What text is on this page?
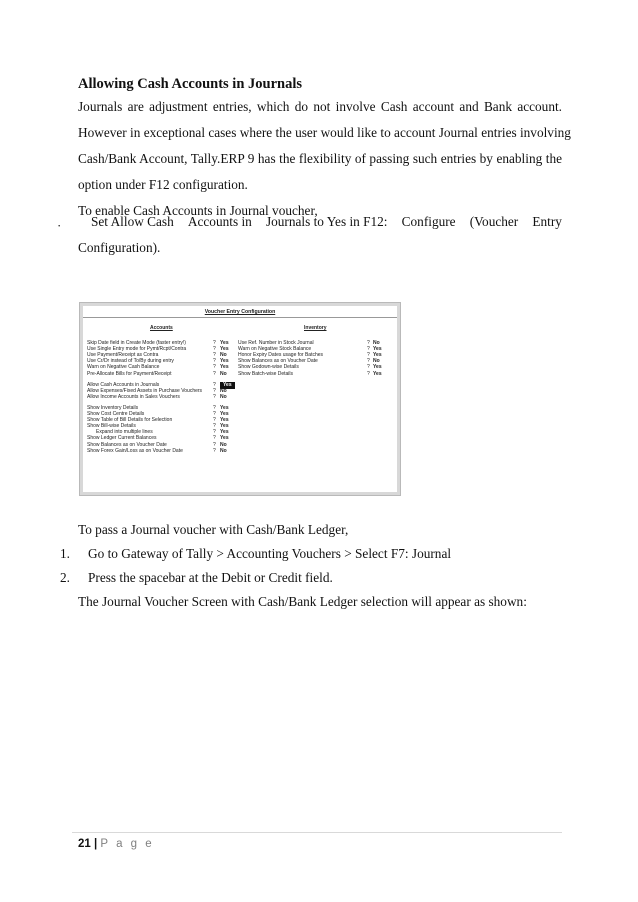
Allowing Cash Accounts in Journals
Journals are adjustment entries, which do not involve Cash account and Bank account.
However in exceptional cases where the user would like to account Journal entries involving
Cash/Bank Account, Tally.ERP 9 has the flexibility of passing such entries by enabling the
option under F12 configuration.
To enable Cash Accounts in Journal voucher,
· Set Allow Cash Accounts in Journals to Yes in F12: Configure (Voucher Entry
Configuration).
Voucher Entry Configuration
Accounts	Inventory
Skip Date field in Create Mode (faster entry!)	? Yes
Use Single Entry mode for Pymt/Rcpt/Contra	? Yes
Use Payment/Receipt as Contra	? No
Use Cr/Dr instead of To/By during entry	? Yes
Warn on Negative Cash Balance	? Yes
Pre-Allocate Bills for Payment/Receipt	? No
Allow Cash Accounts in Journals	?	Yes
Allow Expenses/Fixed Assets in Purchase Vouchers ? No
Allow Income Accounts in Sales Vouchers	? No
Show Inventory Details	? Yes
Show Cost Centre Details	? Yes
Show Table of Bill Details for Selection	? Yes
Show Bill-wise Details	? Yes
Expand into multiple lines	? Yes
Show Ledger Current Balances	? Yes
Show Balances as on Voucher Date	? No
Show Forex Gain/Loss as on Voucher Date	? No
Use Ref. Number in Stock Journal	? No
Warn on Negative Stock Balance	? Yes
Honor Expiry Dates usage for Batches	? Yes
Show Balances as on Voucher Date	? No
Show Godown-wise Details	? Yes
Show Batch-wise Details	? Yes
To pass a Journal voucher with Cash/Bank Ledger,
1. Go to Gateway of Tally > Accounting Vouchers > Select F7: Journal
2. Press the spacebar at the Debit or Credit field.
The Journal Voucher Screen with Cash/Bank Ledger selection will appear as shown:
21 | P a g e
